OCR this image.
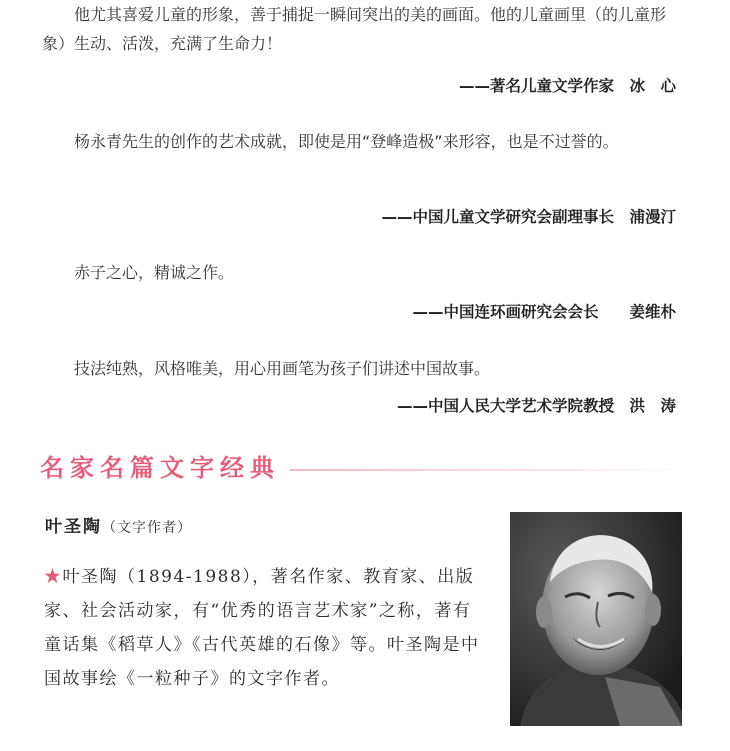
他尤其喜爱儿童的形象，善于捕捉一瞬间突出的美的画面。他的儿童画里（的儿童形象）生动、活泼，充满了生命力！

——著名儿童文学作家　冰　心

杨永青先生的创作的艺术成就，即使是用“登峰造极”来形容，也是不过誉的。

——中国儿童文学研究会副理事长　浦漫汀

赤子之心，精诚之作。

——中国连环画研究会会长　　姜维朴

技法纯熟，风格唯美，用心用画笔为孩子们讲述中国故事。

——中国人民大学艺术学院教授　洪　涛
名家名篇文字经典
叶圣陶（文字作者）
★叶圣陶（1894-1988），著名作家、教育家、出版家、社会活动家，有“优秀的语言艺术家”之称，著有童话集《稻草人》《古代英雄的石像》等。叶圣陶是中国故事绘《一粒种子》的文字作者。
